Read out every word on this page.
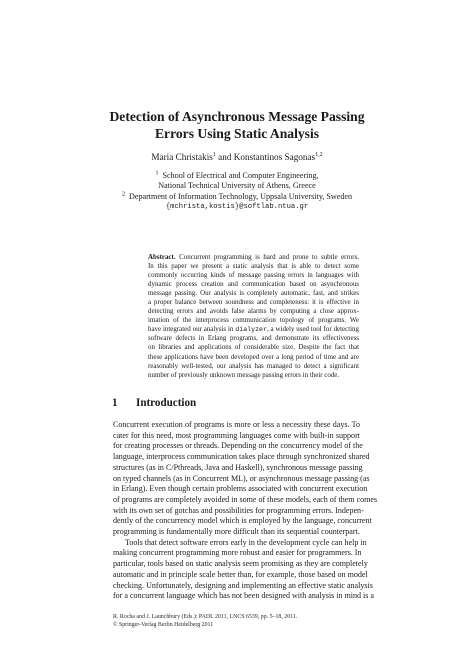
Detection of Asynchronous Message Passing
Errors Using Static Analysis
Maria Christakis$^1$ and Konstantinos Sagonas$^{1,2}$
$^1$ School of Electrical and Computer Engineering,
National Technical University of Athens, Greece
$^2$ Department of Information Technology, Uppsala University, Sweden
{mchrista,kostis}@softlab.ntua.gr
Abstract. Concurrent programming is hard and prone to subtle errors.
In this paper we present a static analysis that is able to detect some
commonly occurring kinds of message passing errors in languages with
dynamic process creation and communication based on asynchronous
message passing. Our analysis is completely automatic, fast, and strikes
a proper balance between soundness and completeness: it is effective in
detecting errors and avoids false alarms by computing a close approx-
imation of the interprocess communication topology of programs. We
have integrated our analysis in dialyzer, a widely used tool for detecting
software defects in Erlang programs, and demonstrate its effectiveness
on libraries and applications of considerable size. Despite the fact that
these applications have been developed over a long period of time and are
reasonably well-tested, our analysis has managed to detect a significant
number of previously unknown message passing errors in their code.
1 Introduction
Concurrent execution of programs is more or less a necessity these days. To
cater for this need, most programming languages come with built-in support
for creating processes or threads. Depending on the concurrency model of the
language, interprocess communication takes place through synchronized shared
structures (as in C/Pthreads, Java and Haskell), synchronous message passing
on typed channels (as in Concurrent ML), or asynchronous message passing (as
in Erlang). Even though certain problems associated with concurrent execution
of programs are completely avoided in some of these models, each of them comes
with its own set of gotchas and possibilities for programming errors. Indepen-
dently of the concurrency model which is employed by the language, concurrent
programming is fundamentally more difficult than its sequential counterpart.
Tools that detect software errors early in the development cycle can help in
making concurrent programming more robust and easier for programmers. In
particular, tools based on static analysis seem promising as they are completely
automatic and in principle scale better than, for example, those based on model
checking. Unfortunately, designing and implementing an effective static analysis
for a concurrent language which has not been designed with analysis in mind is a
R. Rocha and J. Launchbury (Eds.): PADL 2011, LNCS 6539, pp. 5–18, 2011.
© Springer-Verlag Berlin Heidelberg 2011
